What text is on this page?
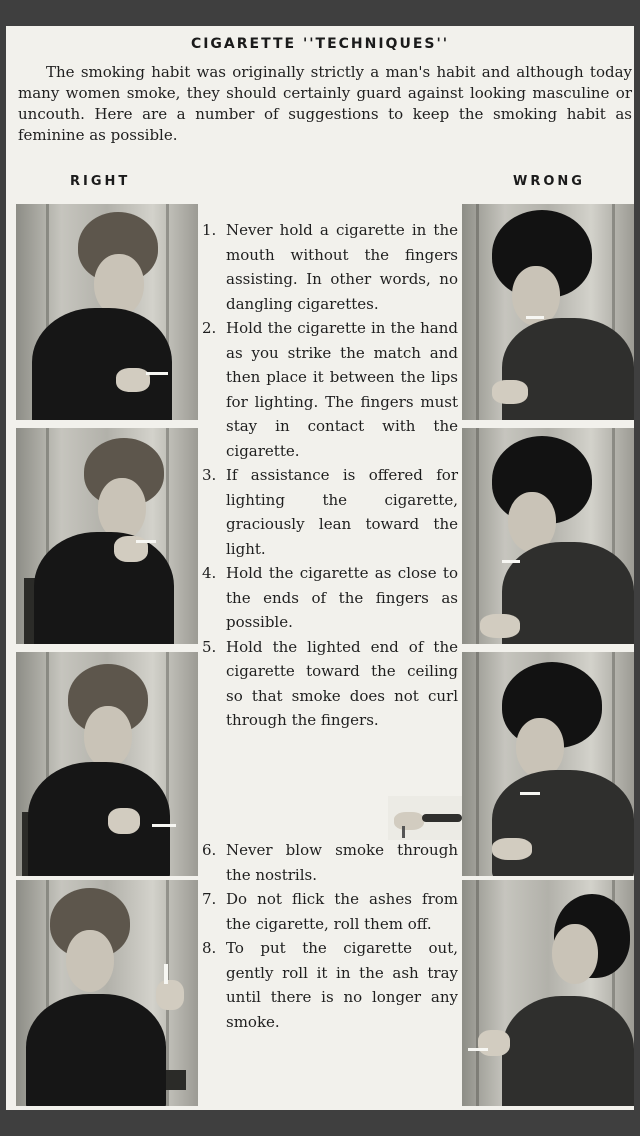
CIGARETTE ''TECHNIQUES''

The smoking habit was originally strictly a man's habit and although today many women smoke, they should certainly guard against looking masculine or uncouth. Here are a number of suggestions to keep the smoking habit as feminine as possible.

RIGHT	WRONG
1. Never hold a cigarette in the mouth without the fingers assisting. In other words, no dangling cigarettes.
2. Hold the cigarette in the hand as you strike the match and then place it between the lips for lighting. The fingers must stay in contact with the cigarette.
3. If assistance is offered for lighting the cigarette, graciously lean toward the light.
4. Hold the cigarette as close to the ends of the fingers as possible.
5. Hold the lighted end of the cigarette toward the ceiling so that smoke does not curl through the fingers.
6. Never blow smoke through the nostrils.
7. Do not flick the ashes from the cigarette, roll them off.
8. To put the cigarette out, gently roll it in the ash tray until there is no longer any smoke.
